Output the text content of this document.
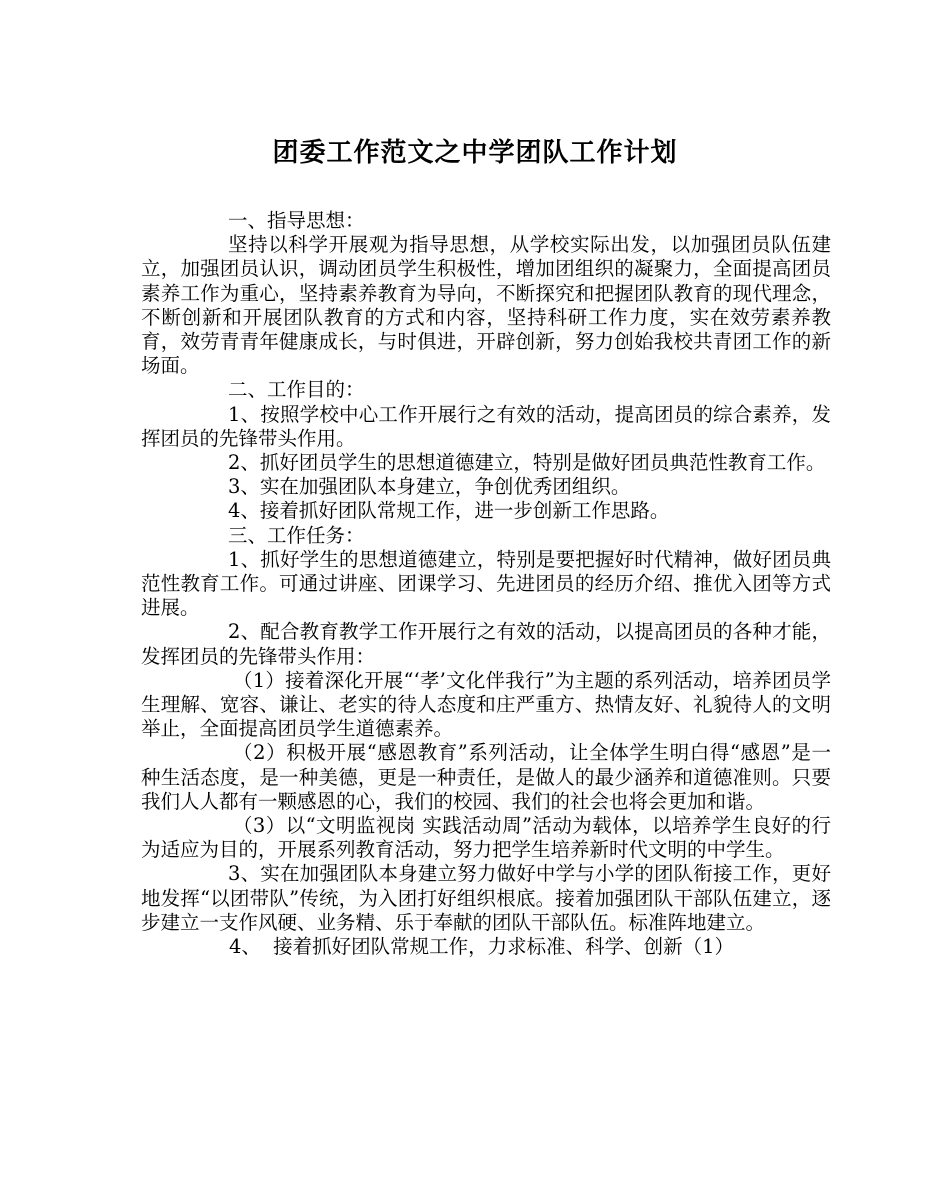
团委工作范文之中学团队工作计划

一、指导思想：

坚持以科学开展观为指导思想，从学校实际出发，以加强团员队伍建立，加强团员认识，调动团员学生积极性，增加团组织的凝聚力，全面提高团员素养工作为重心，坚持素养教育为导向，不断探究和把握团队教育的现代理念，不断创新和开展团队教育的方式和内容，坚持科研工作力度，实在效劳素养教育，效劳青青年健康成长，与时俱进，开辟创新，努力创始我校共青团工作的新场面。

二、工作目的：

1、按照学校中心工作开展行之有效的活动，提高团员的综合素养，发挥团员的先锋带头作用。

2、抓好团员学生的思想道德建立，特别是做好团员典范性教育工作。

3、实在加强团队本身建立，争创优秀团组织。

4、接着抓好团队常规工作，进一步创新工作思路。

三、工作任务：

1、抓好学生的思想道德建立，特别是要把握好时代精神，做好团员典范性教育工作。可通过讲座、团课学习、先进团员的经历介绍、推优入团等方式进展。

2、配合教育教学工作开展行之有效的活动，以提高团员的各种才能，发挥团员的先锋带头作用：

（1）接着深化开展“‘孝’文化伴我行”为主题的系列活动，培养团员学生理解、宽容、谦让、老实的待人态度和庄严重方、热情友好、礼貌待人的文明举止，全面提高团员学生道德素养。

（2）积极开展“感恩教育”系列活动，让全体学生明白得“感恩”是一种生活态度，是一种美德，更是一种责任，是做人的最少涵养和道德准则。只要我们人人都有一颗感恩的心，我们的校园、我们的社会也将会更加和谐。

（3）以“文明监视岗 实践活动周”活动为载体，以培养学生良好的行为适应为目的，开展系列教育活动，努力把学生培养新时代文明的中学生。

3、实在加强团队本身建立努力做好中学与小学的团队衔接工作，更好地发挥“以团带队”传统，为入团打好组织根底。接着加强团队干部队伍建立，逐步建立一支作风硬、业务精、乐于奉献的团队干部队伍。标准阵地建立。

4、 接着抓好团队常规工作，力求标准、科学、创新（1）
